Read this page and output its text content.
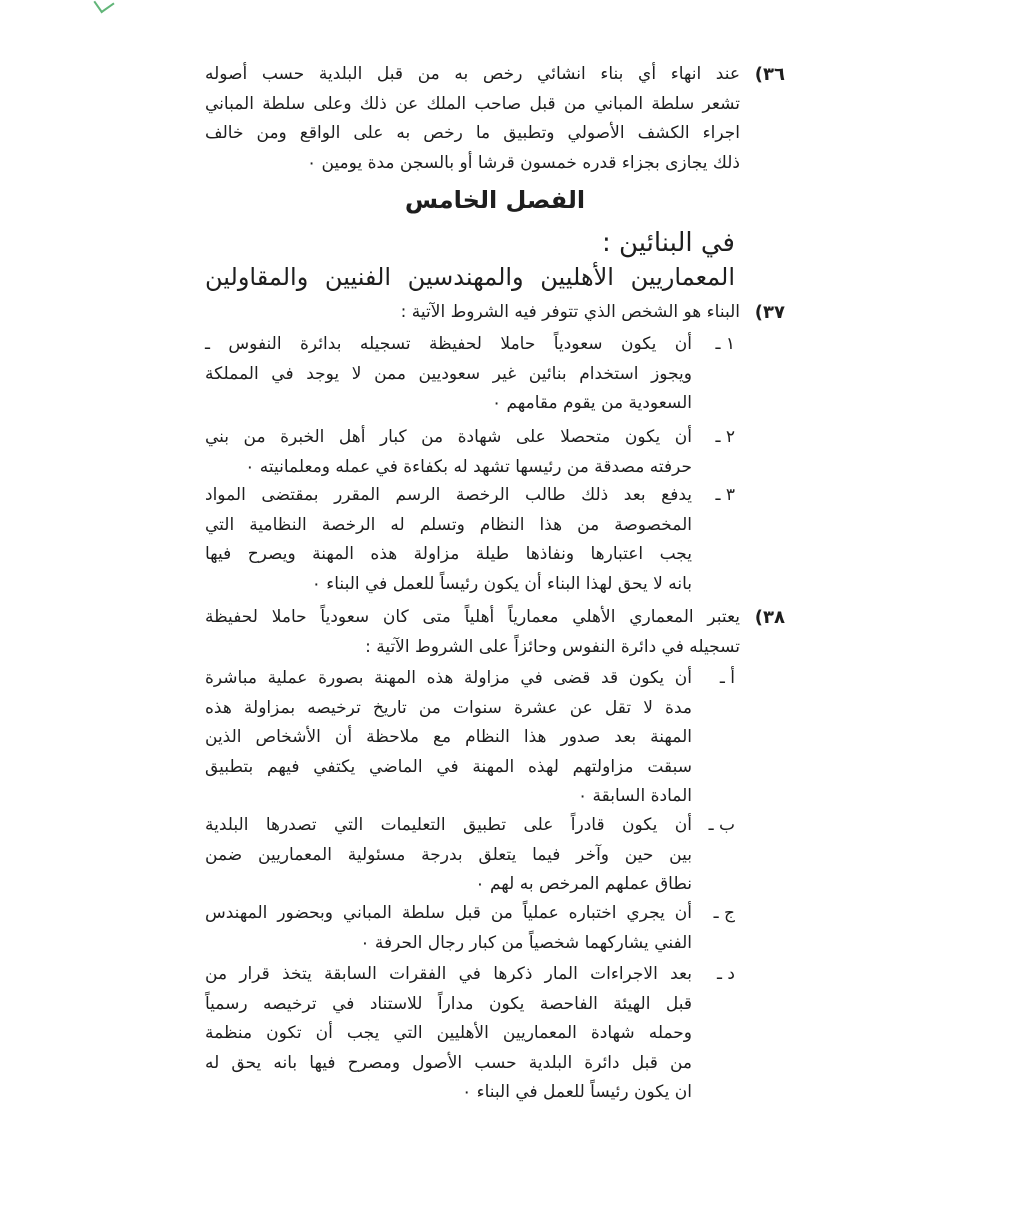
(٣٦
عند انهاء أي بناء انشائي رخص به من قبل البلدية حسب أصوله
تشعر سلطة المباني من قبل صاحب الملك عن ذلك وعلى سلطة المباني
اجراء الكشف الأصولي وتطبيق ما رخص به على الواقع ومن خالف
ذلك يجازى بجزاء قدره خمسون قرشا أو بالسجن مدة يومين ٠
الفصل الخامس
في البنائين :
المعماريين الأهليين والمهندسين الفنيين والمقاولين
(٣٧
البناء هو الشخص الذي تتوفر فيه الشروط الآتية :
١ ـ
أن يكون سعودياً حاملا لحفيظة تسجيله بدائرة النفوس ـ
ويجوز استخدام بنائين غير سعوديين ممن لا يوجد في المملكة
السعودية من يقوم مقامهم ٠
٢ ـ
أن يكون متحصلا على شهادة من كبار أهل الخبرة من بني
حرفته مصدقة من رئيسها تشهد له بكفاءة في عمله ومعلمانيته ٠
٣ ـ
يدفع بعد ذلك طالب الرخصة الرسم المقرر بمقتضى المواد
المخصوصة من هذا النظام وتسلم له الرخصة النظامية التي
يجب اعتبارها ونفاذها طيلة مزاولة هذه المهنة ويصرح فيها
بانه لا يحق لهذا البناء أن يكون رئيساً للعمل في البناء ٠
(٣٨
يعتبر المعماري الأهلي معمارياً أهلياً متى كان سعودياً حاملا لحفيظة
تسجيله في دائرة النفوس وحائزاً على الشروط الآتية :
أ ـ
أن يكون قد قضى في مزاولة هذه المهنة بصورة عملية مباشرة
مدة لا تقل عن عشرة سنوات من تاريخ ترخيصه بمزاولة هذه
المهنة بعد صدور هذا النظام مع ملاحظة أن الأشخاص الذين
سبقت مزاولتهم لهذه المهنة في الماضي يكتفي فيهم بتطبيق
المادة السابقة ٠
ب ـ
أن يكون قادراً على تطبيق التعليمات التي تصدرها البلدية
بين حين وآخر فيما يتعلق بدرجة مسئولية المعماريين ضمن
نطاق عملهم المرخص به لهم ٠
ج ـ
أن يجري اختباره عملياً من قبل سلطة المباني وبحضور المهندس
الفني يشاركهما شخصياً من كبار رجال الحرفة ٠
د ـ
بعد الاجراءات المار ذكرها في الفقرات السابقة يتخذ قرار من
قبل الهيئة الفاحصة يكون مداراً للاستناد في ترخيصه رسمياً
وحمله شهادة المعماريين الأهليين التي يجب أن تكون منظمة
من قبل دائرة البلدية حسب الأصول ومصرح فيها بانه يحق له
ان يكون رئيساً للعمل في البناء ٠
